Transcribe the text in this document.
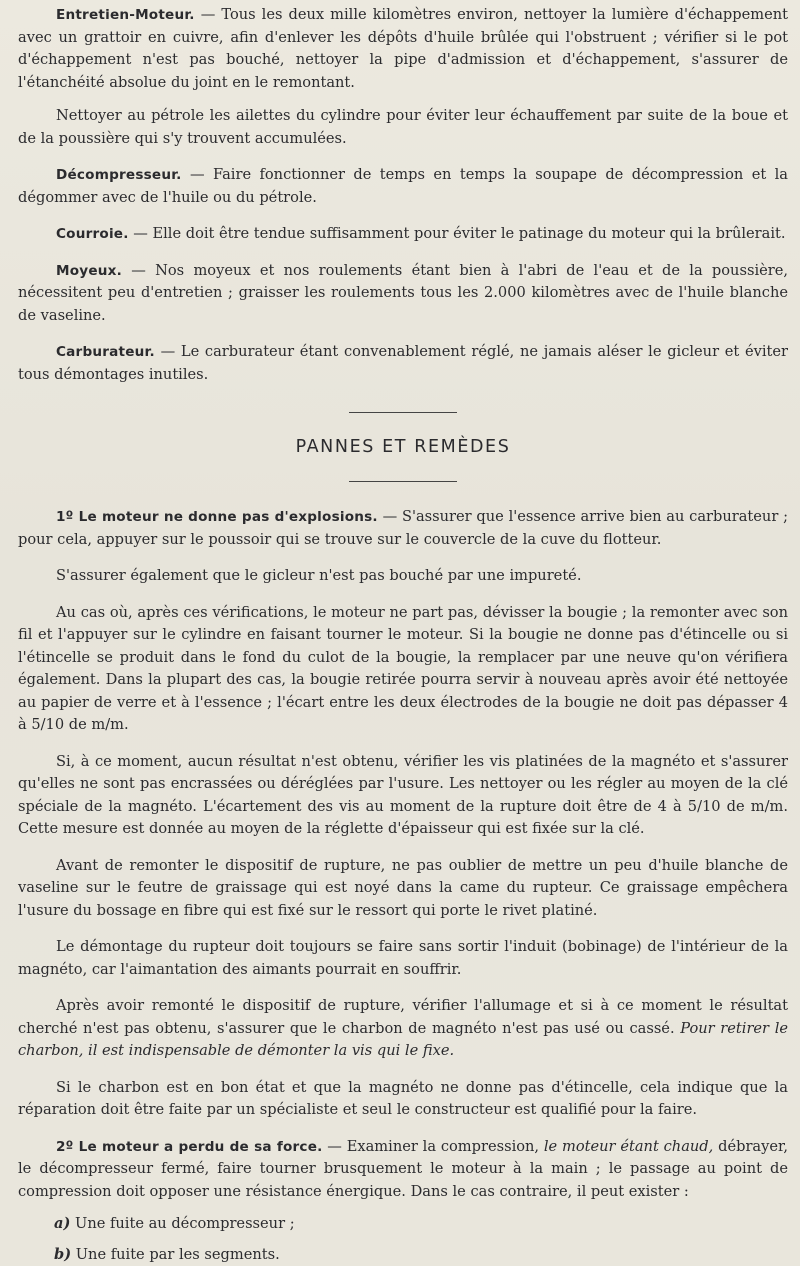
Entretien-Moteur. — Tous les deux mille kilomètres environ, nettoyer la lumière d'échappement avec un grattoir en cuivre, afin d'enlever les dépôts d'huile brûlée qui l'obstruent ; vérifier si le pot d'échappement n'est pas bouché, nettoyer la pipe d'admission et d'échappement, s'assurer de l'étanchéité absolue du joint en le remontant.

Nettoyer au pétrole les ailettes du cylindre pour éviter leur échauffement par suite de la boue et de la poussière qui s'y trouvent accumulées.

Décompresseur. — Faire fonctionner de temps en temps la soupape de décompression et la dégommer avec de l'huile ou du pétrole.

Courroie. — Elle doit être tendue suffisamment pour éviter le patinage du moteur qui la brûlerait.

Moyeux. — Nos moyeux et nos roulements étant bien à l'abri de l'eau et de la poussière, nécessitent peu d'entretien ; graisser les roulements tous les 2.000 kilomètres avec de l'huile blanche de vaseline.

Carburateur. — Le carburateur étant convenablement réglé, ne jamais aléser le gicleur et éviter tous démontages inutiles.

PANNES ET REMÈDES

1º Le moteur ne donne pas d'explosions. — S'assurer que l'essence arrive bien au carburateur ; pour cela, appuyer sur le poussoir qui se trouve sur le couvercle de la cuve du flotteur.

S'assurer également que le gicleur n'est pas bouché par une impureté.

Au cas où, après ces vérifications, le moteur ne part pas, dévisser la bougie ; la remonter avec son fil et l'appuyer sur le cylindre en faisant tourner le moteur. Si la bougie ne donne pas d'étincelle ou si l'étincelle se produit dans le fond du culot de la bougie, la remplacer par une neuve qu'on vérifiera également. Dans la plupart des cas, la bougie retirée pourra servir à nouveau après avoir été nettoyée au papier de verre et à l'essence ; l'écart entre les deux électrodes de la bougie ne doit pas dépasser 4 à 5/10 de m/m.

Si, à ce moment, aucun résultat n'est obtenu, vérifier les vis platinées de la magnéto et s'assurer qu'elles ne sont pas encrassées ou déréglées par l'usure. Les nettoyer ou les régler au moyen de la clé spéciale de la magnéto. L'écartement des vis au moment de la rupture doit être de 4 à 5/10 de m/m. Cette mesure est donnée au moyen de la réglette d'épaisseur qui est fixée sur la clé.

Avant de remonter le dispositif de rupture, ne pas oublier de mettre un peu d'huile blanche de vaseline sur le feutre de graissage qui est noyé dans la came du rupteur. Ce graissage empêchera l'usure du bossage en fibre qui est fixé sur le ressort qui porte le rivet platiné.

Le démontage du rupteur doit toujours se faire sans sortir l'induit (bobinage) de l'intérieur de la magnéto, car l'aimantation des aimants pourrait en souffrir.

Après avoir remonté le dispositif de rupture, vérifier l'allumage et si à ce moment le résultat cherché n'est pas obtenu, s'assurer que le charbon de magnéto n'est pas usé ou cassé. Pour retirer le charbon, il est indispensable de démonter la vis qui le fixe.

Si le charbon est en bon état et que la magnéto ne donne pas d'étincelle, cela indique que la réparation doit être faite par un spécialiste et seul le constructeur est qualifié pour la faire.

2º Le moteur a perdu de sa force. — Examiner la compression, le moteur étant chaud, débrayer, le décompresseur fermé, faire tourner brusquement le moteur à la main ; le passage au point de compression doit opposer une résistance énergique. Dans le cas contraire, il peut exister :

a) Une fuite au décompresseur ;
b) Une fuite par les segments.
